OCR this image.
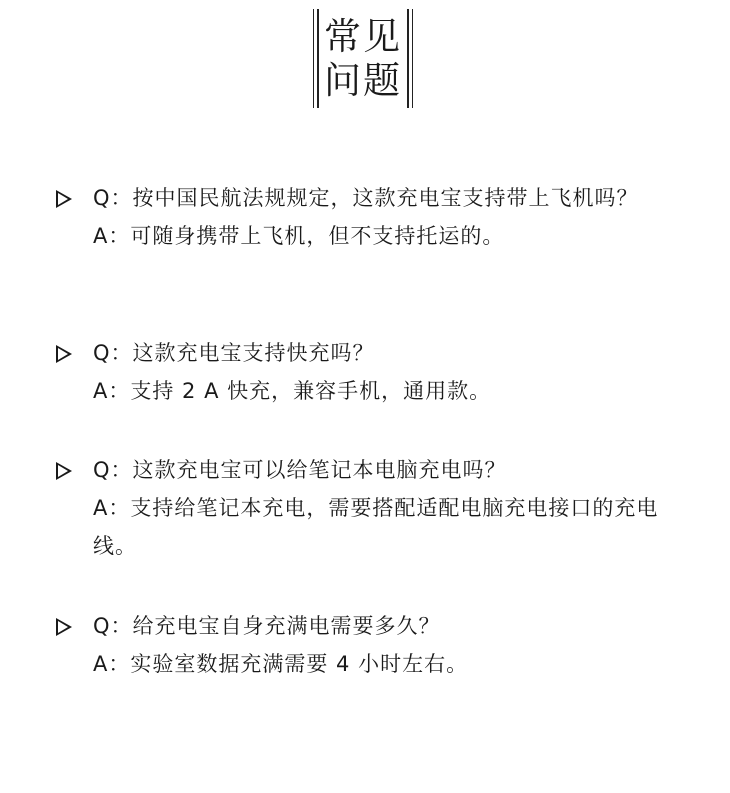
常见
问题
Q：按中国民航法规规定，这款充电宝支持带上飞机吗？
A：可随身携带上飞机，但不支持托运的。
Q：这款充电宝支持快充吗？
A：支持 2 A 快充，兼容手机，通用款。
Q：这款充电宝可以给笔记本电脑充电吗？
A：支持给笔记本充电，需要搭配适配电脑充电接口的充电线。
Q：给充电宝自身充满电需要多久？
A：实验室数据充满需要 4 小时左右。
